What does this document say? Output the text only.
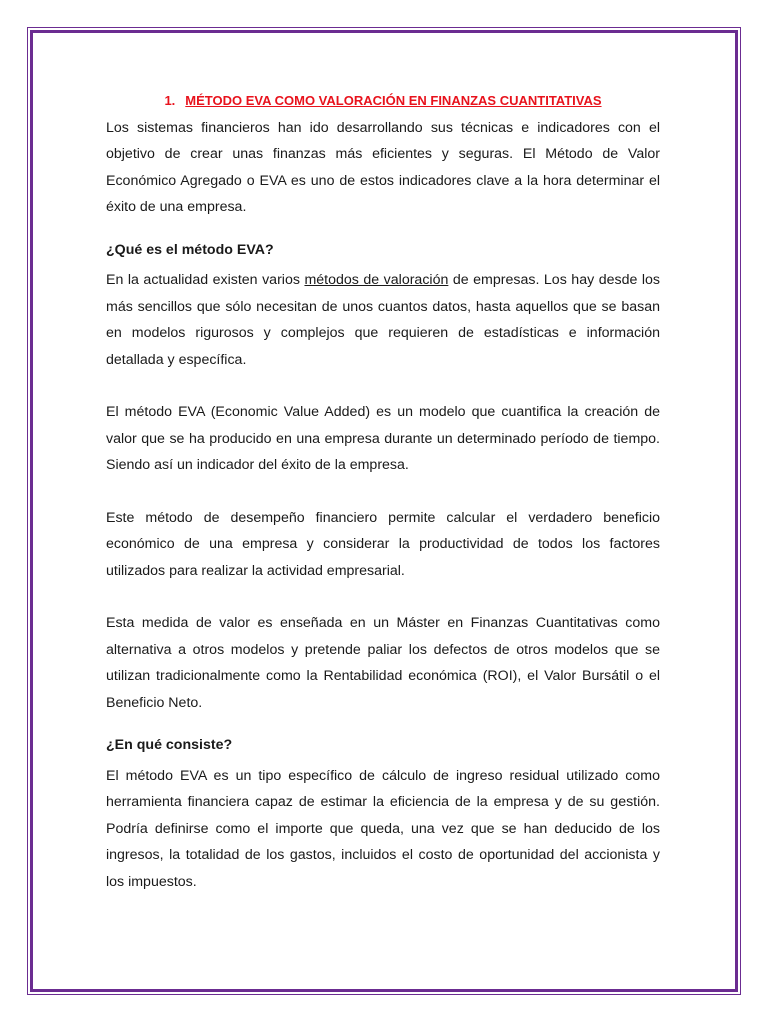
1. MÉTODO EVA COMO VALORACIÓN EN FINANZAS CUANTITATIVAS

Los sistemas financieros han ido desarrollando sus técnicas e indicadores con el objetivo de crear unas finanzas más eficientes y seguras. El Método de Valor Económico Agregado o EVA es uno de estos indicadores clave a la hora determinar el éxito de una empresa.

¿Qué es el método EVA?

En la actualidad existen varios métodos de valoración de empresas. Los hay desde los más sencillos que sólo necesitan de unos cuantos datos, hasta aquellos que se basan en modelos rigurosos y complejos que requieren de estadísticas e información detallada y específica.

El método EVA (Economic Value Added) es un modelo que cuantifica la creación de valor que se ha producido en una empresa durante un determinado período de tiempo. Siendo así un indicador del éxito de la empresa.

Este método de desempeño financiero permite calcular el verdadero beneficio económico de una empresa y considerar la productividad de todos los factores utilizados para realizar la actividad empresarial.

Esta medida de valor es enseñada en un Máster en Finanzas Cuantitativas como alternativa a otros modelos y pretende paliar los defectos de otros modelos que se utilizan tradicionalmente como la Rentabilidad económica (ROI), el Valor Bursátil o el Beneficio Neto.

¿En qué consiste?

El método EVA es un tipo específico de cálculo de ingreso residual utilizado como herramienta financiera capaz de estimar la eficiencia de la empresa y de su gestión. Podría definirse como el importe que queda, una vez que se han deducido de los ingresos, la totalidad de los gastos, incluidos el costo de oportunidad del accionista y los impuestos.
